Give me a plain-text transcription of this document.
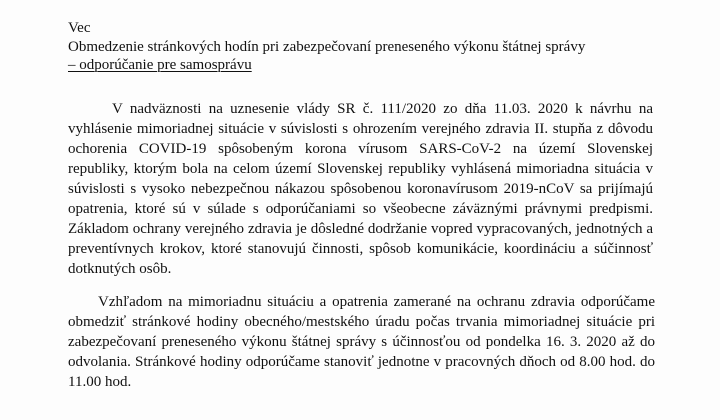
Vec
Obmedzenie stránkových hodín pri zabezpečovaní preneseného výkonu štátnej správy
– odporúčanie pre samosprávu

V nadväznosti na uznesenie vlády SR č. 111/2020 zo dňa 11.03. 2020 k návrhu na vyhlásenie mimoriadnej situácie v súvislosti s ohrozením verejného zdravia II. stupňa z dôvodu ochorenia COVID-19 spôsobeným korona vírusom SARS-CoV-2 na území Slovenskej republiky, ktorým bola na celom území Slovenskej republiky vyhlásená mimoriadna situácia v súvislosti s vysoko nebezpečnou nákazou spôsobenou koronavírusom 2019-nCoV sa prijímajú opatrenia, ktoré sú v súlade s odporúčaniami so všeobecne záväznými právnymi predpismi. Základom ochrany verejného zdravia je dôsledné dodržanie vopred vypracovaných, jednotných a preventívnych krokov, ktoré stanovujú činnosti, spôsob komunikácie, koordináciu a súčinnosť dotknutých osôb.

Vzhľadom na mimoriadnu situáciu a opatrenia zamerané na ochranu zdravia odporúčame obmedziť stránkové hodiny obecného/mestského úradu počas trvania mimoriadnej situácie pri zabezpečovaní preneseného výkonu štátnej správy s účinnosťou od pondelka 16. 3. 2020 až do odvolania. Stránkové hodiny odporúčame stanoviť jednotne v pracovných dňoch od 8.00 hod. do 11.00 hod.
